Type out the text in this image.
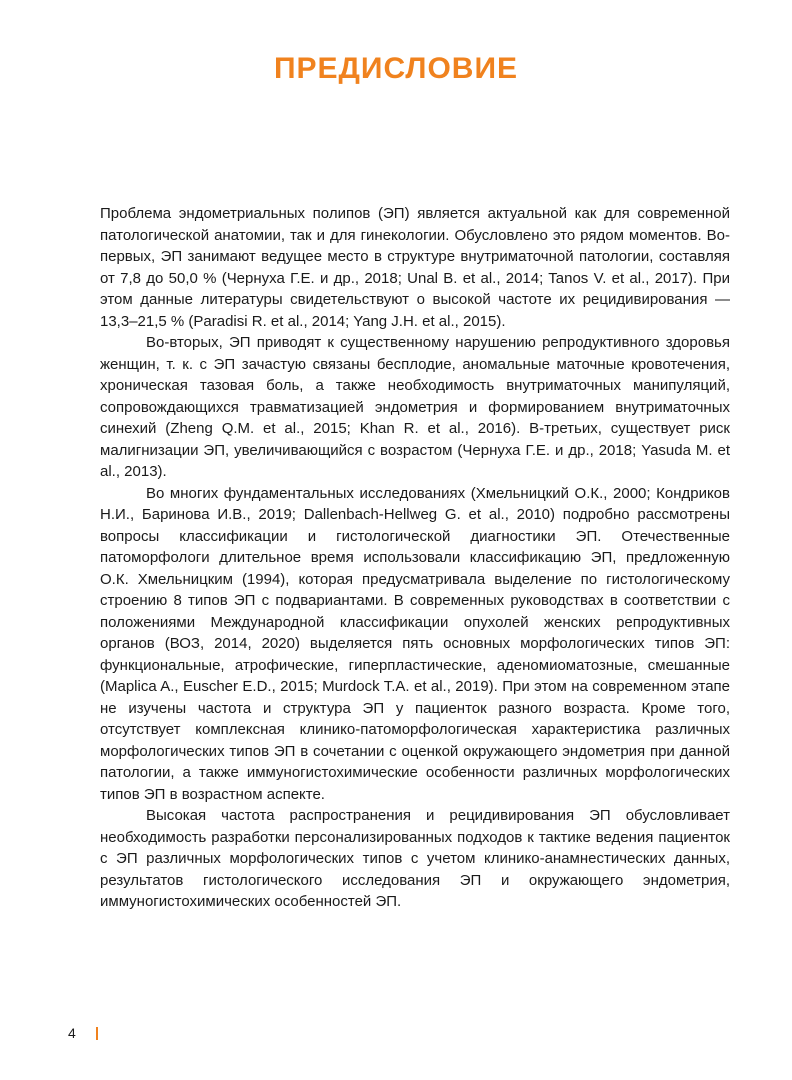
ПРЕДИСЛОВИЕ

Проблема эндометриальных полипов (ЭП) является актуальной как для современной патологической анатомии, так и для гинекологии. Обусловлено это рядом моментов. Во-первых, ЭП занимают ведущее место в структуре внутриматочной патологии, составляя от 7,8 до 50,0 % (Чернуха Г.Е. и др., 2018; Unal B. et al., 2014; Tanos V. et al., 2017). При этом данные литературы свидетельствуют о высокой частоте их рецидивирования — 13,3–21,5 % (Paradisi R. et al., 2014; Yang J.H. et al., 2015).

Во-вторых, ЭП приводят к существенному нарушению репродуктивного здоровья женщин, т. к. с ЭП зачастую связаны бесплодие, аномальные маточные кровотечения, хроническая тазовая боль, а также необходимость внутриматочных манипуляций, сопровождающихся травматизацией эндометрия и формированием внутриматочных синехий (Zheng Q.M. et al., 2015; Khan R. et al., 2016). В-третьих, существует риск малигнизации ЭП, увеличивающийся с возрастом (Чернуха Г.Е. и др., 2018; Yasuda M. et al., 2013).

Во многих фундаментальных исследованиях (Хмельницкий О.К., 2000; Кондриков Н.И., Баринова И.В., 2019; Dallenbach-Hellweg G. et al., 2010) подробно рассмотрены вопросы классификации и гистологической диагностики ЭП. Отечественные патоморфологи длительное время использовали классификацию ЭП, предложенную О.К. Хмельницким (1994), которая предусматривала выделение по гистологическому строению 8 типов ЭП с подвариантами. В современных руководствах в соответствии с положениями Международной классификации опухолей женских репродуктивных органов (ВОЗ, 2014, 2020) выделяется пять основных морфологических типов ЭП: функциональные, атрофические, гиперпластические, аденомиоматозные, смешанные (Maplica A., Euscher E.D., 2015; Murdock T.A. et al., 2019). При этом на современном этапе не изучены частота и структура ЭП у пациенток разного возраста. Кроме того, отсутствует комплексная клинико-патоморфологическая характеристика различных морфологических типов ЭП в сочетании с оценкой окружающего эндометрия при данной патологии, а также иммуногистохимические особенности различных морфологических типов ЭП в возрастном аспекте.

Высокая частота распространения и рецидивирования ЭП обусловливает необходимость разработки персонализированных подходов к тактике ведения пациенток с ЭП различных морфологических типов с учетом клинико-анамнестических данных, результатов гистологического исследования ЭП и окружающего эндометрия, иммуногистохимических особенностей ЭП.

4
